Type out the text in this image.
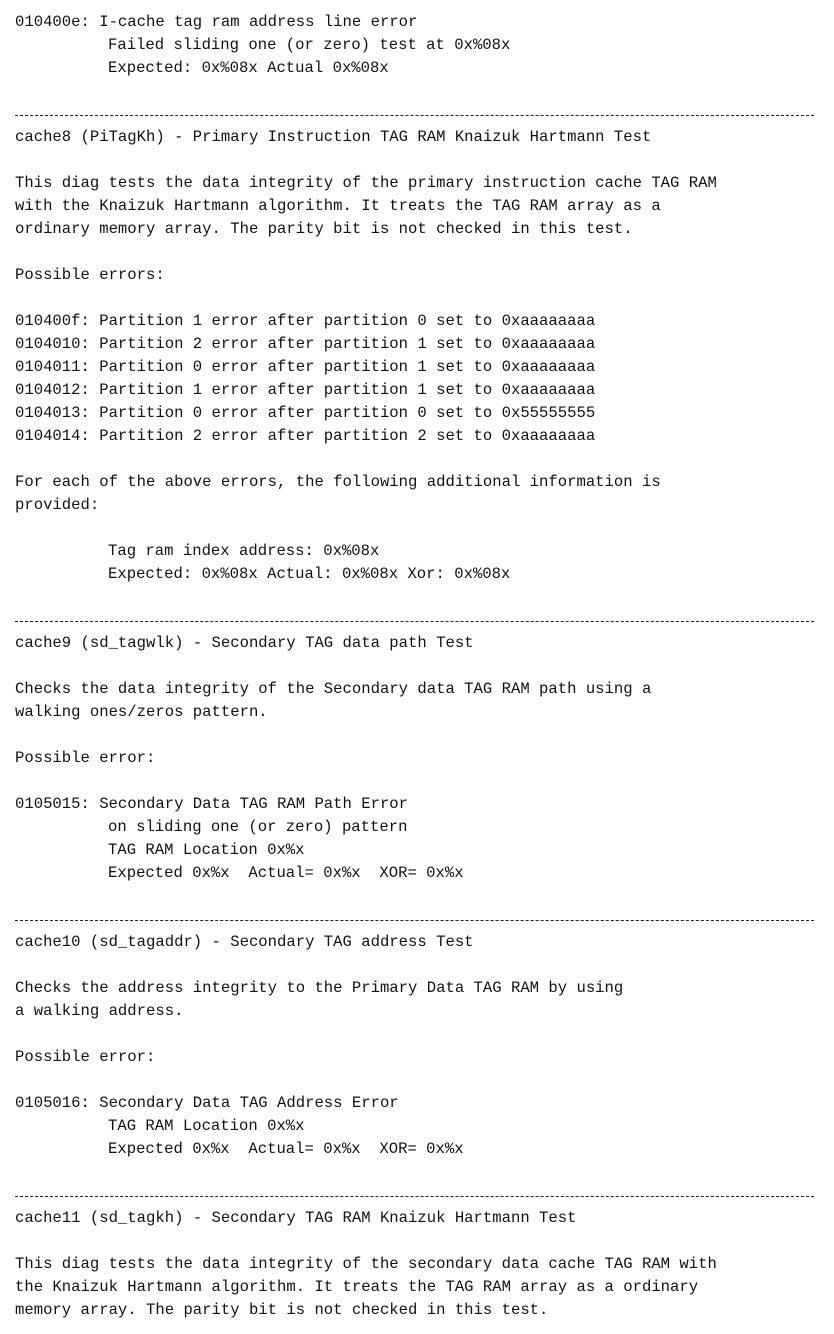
010400e: I-cache tag ram address line error
Failed sliding one (or zero) test at 0x%08x
Expected: 0x%08x Actual 0x%08x
cache8 (PiTagKh) - Primary Instruction TAG RAM Knaizuk Hartmann Test
This diag tests the data integrity of the primary instruction cache TAG RAM
with the Knaizuk Hartmann algorithm. It treats the TAG RAM array as a
ordinary memory array. The parity bit is not checked in this test.
Possible errors:
010400f: Partition 1 error after partition 0 set to 0xaaaaaaaa
0104010: Partition 2 error after partition 1 set to 0xaaaaaaaa
0104011: Partition 0 error after partition 1 set to 0xaaaaaaaa
0104012: Partition 1 error after partition 1 set to 0xaaaaaaaa
0104013: Partition 0 error after partition 0 set to 0x55555555
0104014: Partition 2 error after partition 2 set to 0xaaaaaaaa
For each of the above errors, the following additional information is
provided:
Tag ram index address: 0x%08x
Expected: 0x%08x Actual: 0x%08x Xor: 0x%08x
cache9 (sd_tagwlk) - Secondary TAG data path Test
Checks the data integrity of the Secondary data TAG RAM path using a
walking ones/zeros pattern.
Possible error:
0105015: Secondary Data TAG RAM Path Error
on sliding one (or zero) pattern
TAG RAM Location 0x%x
Expected 0x%x  Actual= 0x%x  XOR= 0x%x
cache10 (sd_tagaddr) - Secondary TAG address Test
Checks the address integrity to the Primary Data TAG RAM by using
a walking address.
Possible error:
0105016: Secondary Data TAG Address Error
TAG RAM Location 0x%x
Expected 0x%x  Actual= 0x%x  XOR= 0x%x
cache11 (sd_tagkh) - Secondary TAG RAM Knaizuk Hartmann Test
This diag tests the data integrity of the secondary data cache TAG RAM with
the Knaizuk Hartmann algorithm. It treats the TAG RAM array as a ordinary
memory array. The parity bit is not checked in this test.
